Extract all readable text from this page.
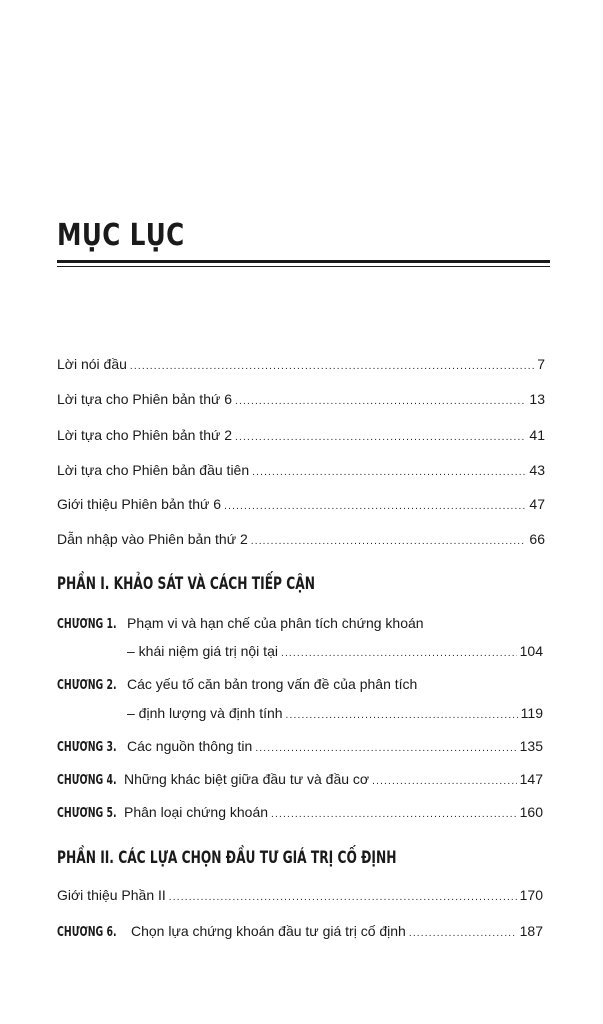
MỤC LỤC
Lời nói đầu .....	7
Lời tựa cho Phiên bản thứ 6 .....	13
Lời tựa cho Phiên bản thứ 2 .....	41
Lời tựa cho Phiên bản đầu tiên .....	43
Giới thiệu Phiên bản thứ 6 .....	47
Dẫn nhập vào Phiên bản thứ 2 .....	66
PHẦN I. KHẢO SÁT VÀ CÁCH TIẾP CẬN
CHƯƠNG 1. Phạm vi và hạn chế của phân tích chứng khoán
– khái niệm giá trị nội tại .....	104
CHƯƠNG 2. Các yếu tố căn bản trong vấn đề của phân tích
– định lượng và định tính .....	119
CHƯƠNG 3. Các nguồn thông tin .....	135
CHƯƠNG 4. Những khác biệt giữa đầu tư và đầu cơ .....	147
CHƯƠNG 5. Phân loại chứng khoán .....	160
PHẦN II. CÁC LỰA CHỌN ĐẦU TƯ GIÁ TRỊ CỐ ĐỊNH
Giới thiệu Phần II .....	170
CHƯƠNG 6. Chọn lựa chứng khoán đầu tư giá trị cố định .....	187
